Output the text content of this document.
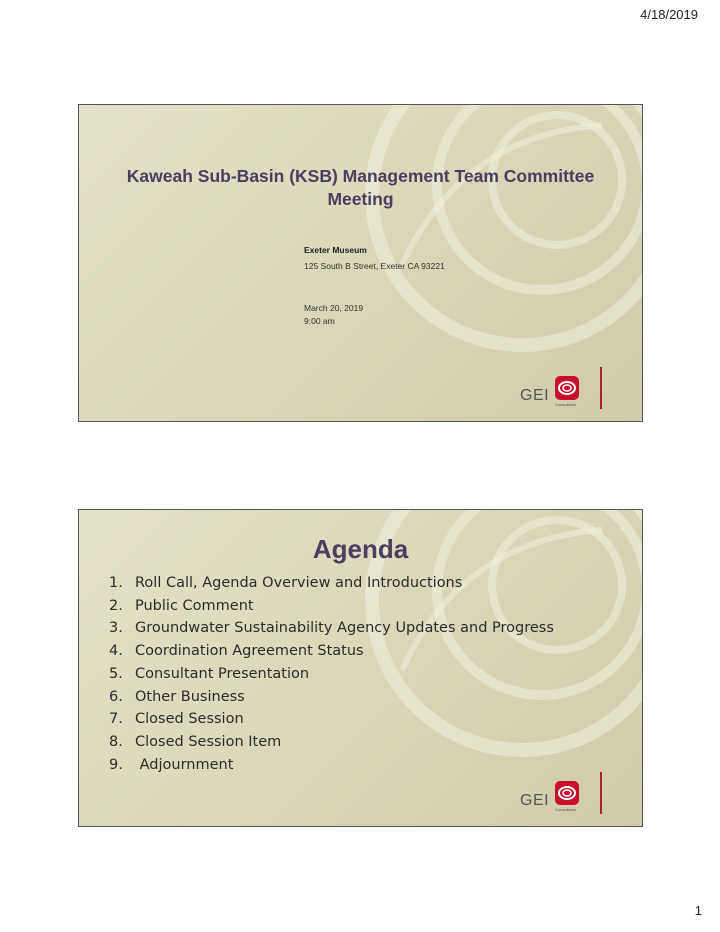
4/18/2019
Kaweah Sub-Basin (KSB) Management Team Committee
Meeting
Exeter Museum
125 South B Street, Exeter CA 93221
March 20, 2019
9:00 am
GEI
Consultants
Agenda
1. Roll Call, Agenda Overview and Introductions
2. Public Comment
3. Groundwater Sustainability Agency Updates and Progress
4. Coordination Agreement Status
5. Consultant Presentation
6. Other Business
7. Closed Session
8. Closed Session Item
9. Adjournment
GEI
Consultants
1
